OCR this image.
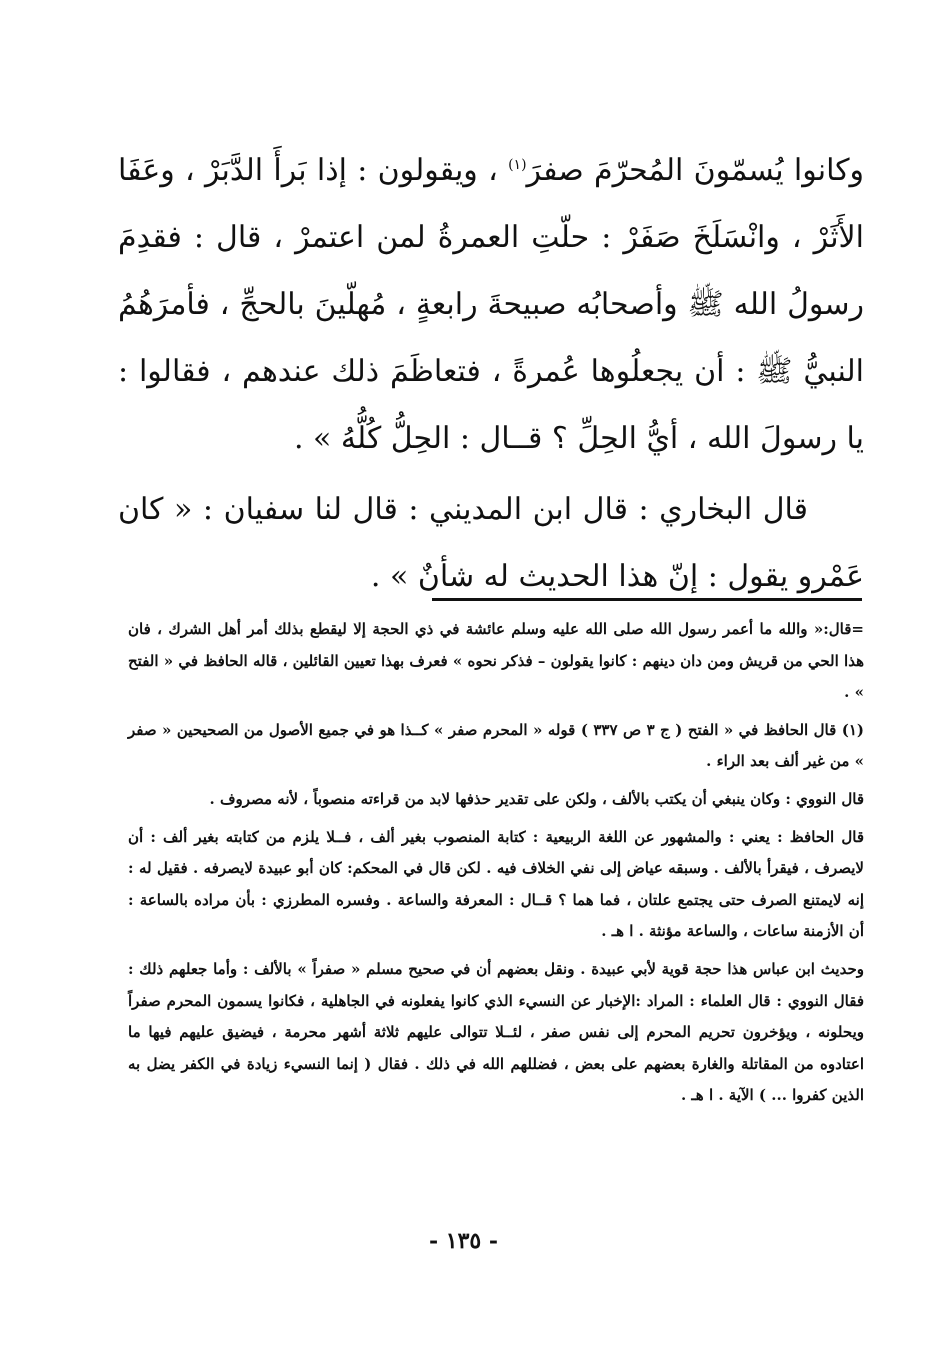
وكانوا يُسمّونَ المُحرّمَ صفرَ$^{(١)}$ ، ويقولون : إذا بَرأَ الدَّبَرْ ، وعَفَا الأَثَرْ ، وانْسَلَخَ صَفَرْ : حلّتِ العمرةُ لمن اعتمرْ ، قال : فقدِمَ رسولُ الله ﷺ وأصحابُه صبيحةَ رابعةٍ ، مُهلّينَ بالحجِّ ، فأمرَهُمُ النبيُّ ﷺ : أن يجعلُوها عُمرةً ، فتعاظَمَ ذلك عندهم ، فقالوا : يا رسولَ الله ، أيُّ الحِلِّ ؟ قــال : الحِلُّ كُلُّهُ » .

قال البخاري : قال ابن المديني : قال لنا سفيان : « كان عَمْرو يقول : إنّ هذا الحديث له شأنٌ » .

=قال:« والله ما أعمر رسول الله صلى الله عليه وسلم عائشة في ذي الحجة إلا ليقطع بذلك أمر أهل الشرك ، فان هذا الحي من قريش ومن دان دينهم : كانوا يقولون – فذكر نحوه » فعرف بهذا تعيين القائلين ، قاله الحافظ في « الفتح » .

(١) قال الحافظ في « الفتح ( ج ٣ ص ٣٣٧ ) قوله « المحرم صفر » كــذا هو في جميع الأصول من الصحيحين « صفر » من غير ألف بعد الراء .

قال النووي : وكان ينبغي أن يكتب بالألف ، ولكن على تقدير حذفها لابد من قراءته منصوباً ، لأنه مصروف .

قال الحافظ : يعني : والمشهور عن اللغة الربيعية : كتابة المنصوب بغير ألف ، فــلا يلزم من كتابته بغير ألف : أن لايصرف ، فيقرأ بالألف . وسبقه عياض إلى نفي الخلاف فيه . لكن قال في المحكم: كان أبو عبيدة لايصرفه . فقيل له : إنه لايمتنع الصرف حتى يجتمع علتان ، فما هما ؟ قــال : المعرفة والساعة . وفسره المطرزي : بأن مراده بالساعة : أن الأزمنة ساعات ، والساعة مؤنثة . ا هـ .

وحديث ابن عباس هذا حجة قوية لأبي عبيدة . ونقل بعضهم أن في صحيح مسلم « صفراً » بالألف : وأما جعلهم ذلك : فقال النووي : قال العلماء : المراد :الإخبار عن النسيء الذي كانوا يفعلونه في الجاهلية ، فكانوا يسمون المحرم صفراً ويحلونه ، ويؤخرون تحريم المحرم إلى نفس صفر ، لئــلا تتوالى عليهم ثلاثة أشهر محرمة ، فيضيق عليهم فيها ما اعتادوه من المقاتلة والغارة بعضهم على بعض ، فضللهم الله في ذلك . فقال ( إنما النسيء زيادة في الكفر يضل به الذين كفروا ... ) الآية . ا هـ .

- ١٣٥ -
